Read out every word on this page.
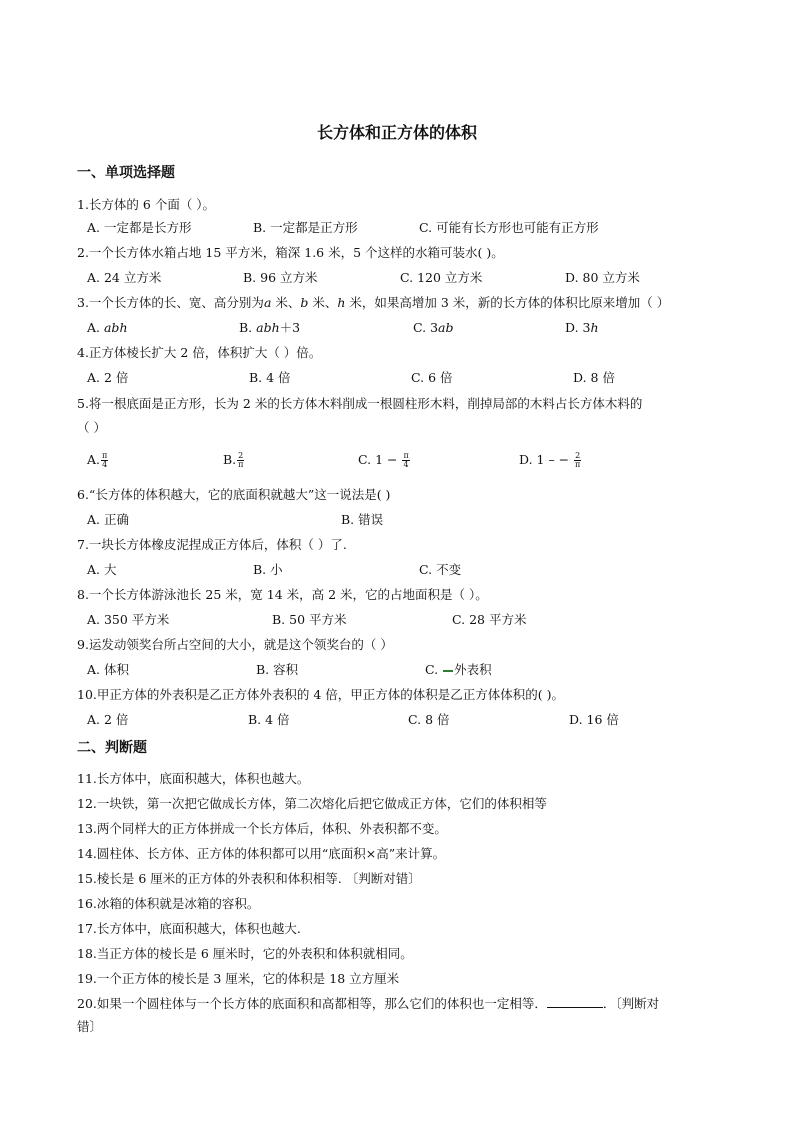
长方体和正方体的体积
一、单项选择题
1.长方体的 6 个面（ ）。
A. 一定都是长方形	B. 一定都是正方形	C. 可能有长方形也可能有正方形
2.一个长方体水箱占地 15 平方米，箱深 1.6 米，5 个这样的水箱可装水( )。
A. 24 立方米	B. 96 立方米	C. 120 立方米	D. 80 立方米
3.一个长方体的长、宽、高分别为a 米、b 米、h 米，如果高增加 3 米，新的长方体的体积比原来增加（ ）
A. abh	B. abh＋3	C. 3ab	D. 3h
4.正方体棱长扩大 2 倍，体积扩大（ ）倍。
A. 2 倍	B. 4 倍	C. 6 倍	D. 8 倍
5.将一根底面是正方形，长为 2 米的长方体木料削成一根圆柱形木料，削掉局部的木料占长方体木料的
（ ）
A. $\frac{\pi}{4}$	B. $\frac{2}{\pi}$	C. $1 - \frac{\pi}{4}$	D. 1 – − $\frac{2}{\pi}$
6.“长方体的体积越大，它的底面积就越大”这一说法是( )
A. 正确	B. 错误
7.一块长方体橡皮泥捏成正方体后，体积（ ）了.
A. 大	B. 小	C. 不变
8.一个长方体游泳池长 25 米，宽 14 米，高 2 米，它的占地面积是（ ）。
A. 350 平方米	B. 50 平方米	C. 28 平方米
9.运发动领奖台所占空间的大小，就是这个领奖台的（ ）
A. 体积	B. 容积	C. 外表积
10.甲正方体的外表积是乙正方体外表积的 4 倍，甲正方体的体积是乙正方体体积的( )。
A. 2 倍	B. 4 倍	C. 8 倍	D. 16 倍
二、判断题
11.长方体中，底面积越大，体积也越大。
12.一块铁，第一次把它做成长方体，第二次熔化后把它做成正方体，它们的体积相等
13.两个同样大的正方体拼成一个长方体后，体积、外表积都不变。
14.圆柱体、长方体、正方体的体积都可以用“底面积×高”来计算。
15.棱长是 6 厘米的正方体的外表积和体积相等. 〔判断对错〕
16.冰箱的体积就是冰箱的容积。
17.长方体中，底面积越大，体积也越大.
18.当正方体的棱长是 6 厘米时，它的外表积和体积就相同。
19.一个正方体的棱长是 3 厘米，它的体积是 18 立方厘米
20.如果一个圆柱体与一个长方体的底面积和高都相等，那么它们的体积也一定相等．	．〔判断对
错〕
